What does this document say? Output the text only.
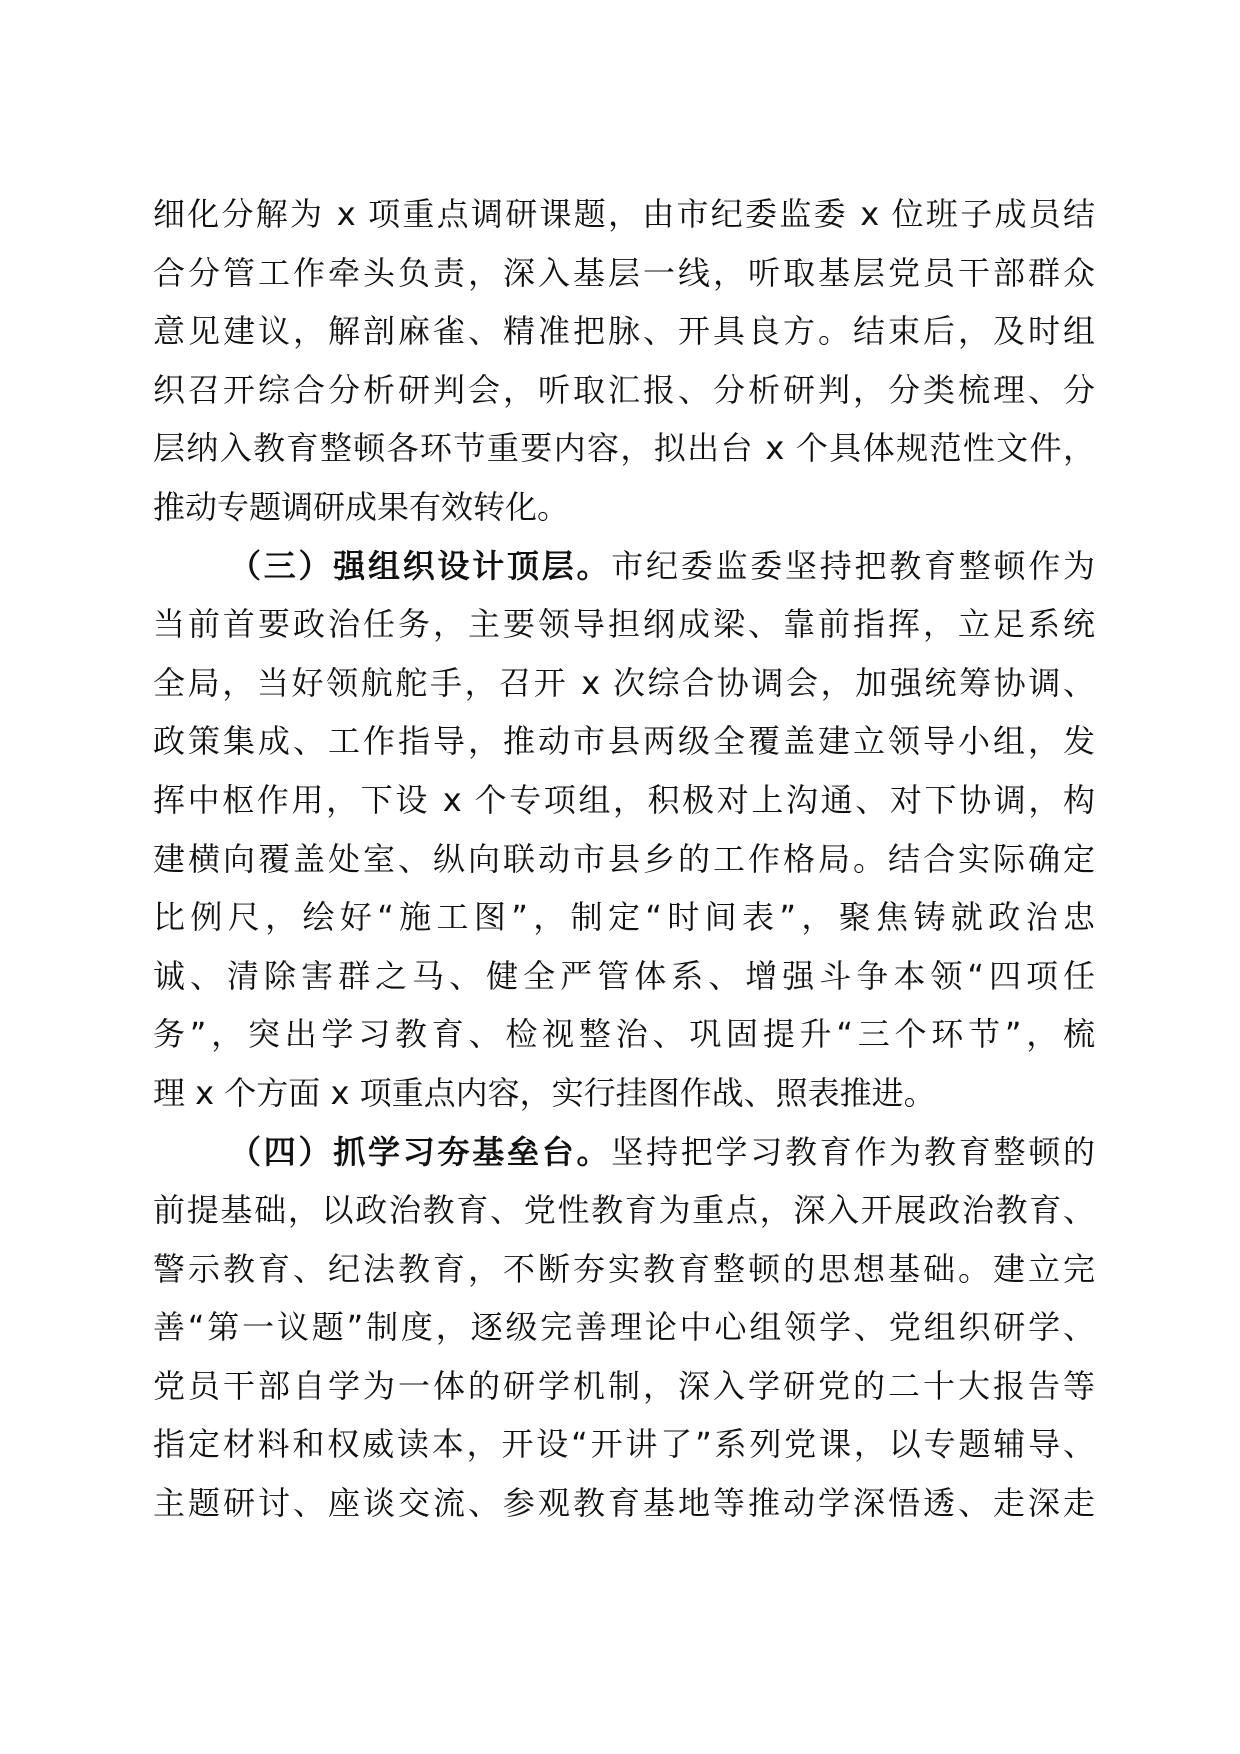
细化分解为 x 项重点调研课题，由市纪委监委 x 位班子成员结
合分管工作牵头负责，深入基层一线，听取基层党员干部群众
意见建议，解剖麻雀、精准把脉、开具良方。结束后，及时组
织召开综合分析研判会，听取汇报、分析研判，分类梳理、分
层纳入教育整顿各环节重要内容，拟出台 x 个具体规范性文件，
推动专题调研成果有效转化。
（三）强组织设计顶层。市纪委监委坚持把教育整顿作为
当前首要政治任务，主要领导担纲成梁、靠前指挥，立足系统
全局，当好领航舵手，召开 x 次综合协调会，加强统筹协调、
政策集成、工作指导，推动市县两级全覆盖建立领导小组，发
挥中枢作用，下设 x 个专项组，积极对上沟通、对下协调，构
建横向覆盖处室、纵向联动市县乡的工作格局。结合实际确定
比例尺，绘好“施工图”，制定“时间表”，聚焦铸就政治忠
诚、清除害群之马、健全严管体系、增强斗争本领“四项任
务”，突出学习教育、检视整治、巩固提升“三个环节”，梳
理 x 个方面 x 项重点内容，实行挂图作战、照表推进。
（四）抓学习夯基垒台。坚持把学习教育作为教育整顿的
前提基础，以政治教育、党性教育为重点，深入开展政治教育、
警示教育、纪法教育，不断夯实教育整顿的思想基础。建立完
善“第一议题”制度，逐级完善理论中心组领学、党组织研学、
党员干部自学为一体的研学机制，深入学研党的二十大报告等
指定材料和权威读本，开设“开讲了”系列党课，以专题辅导、
主题研讨、座谈交流、参观教育基地等推动学深悟透、走深走
